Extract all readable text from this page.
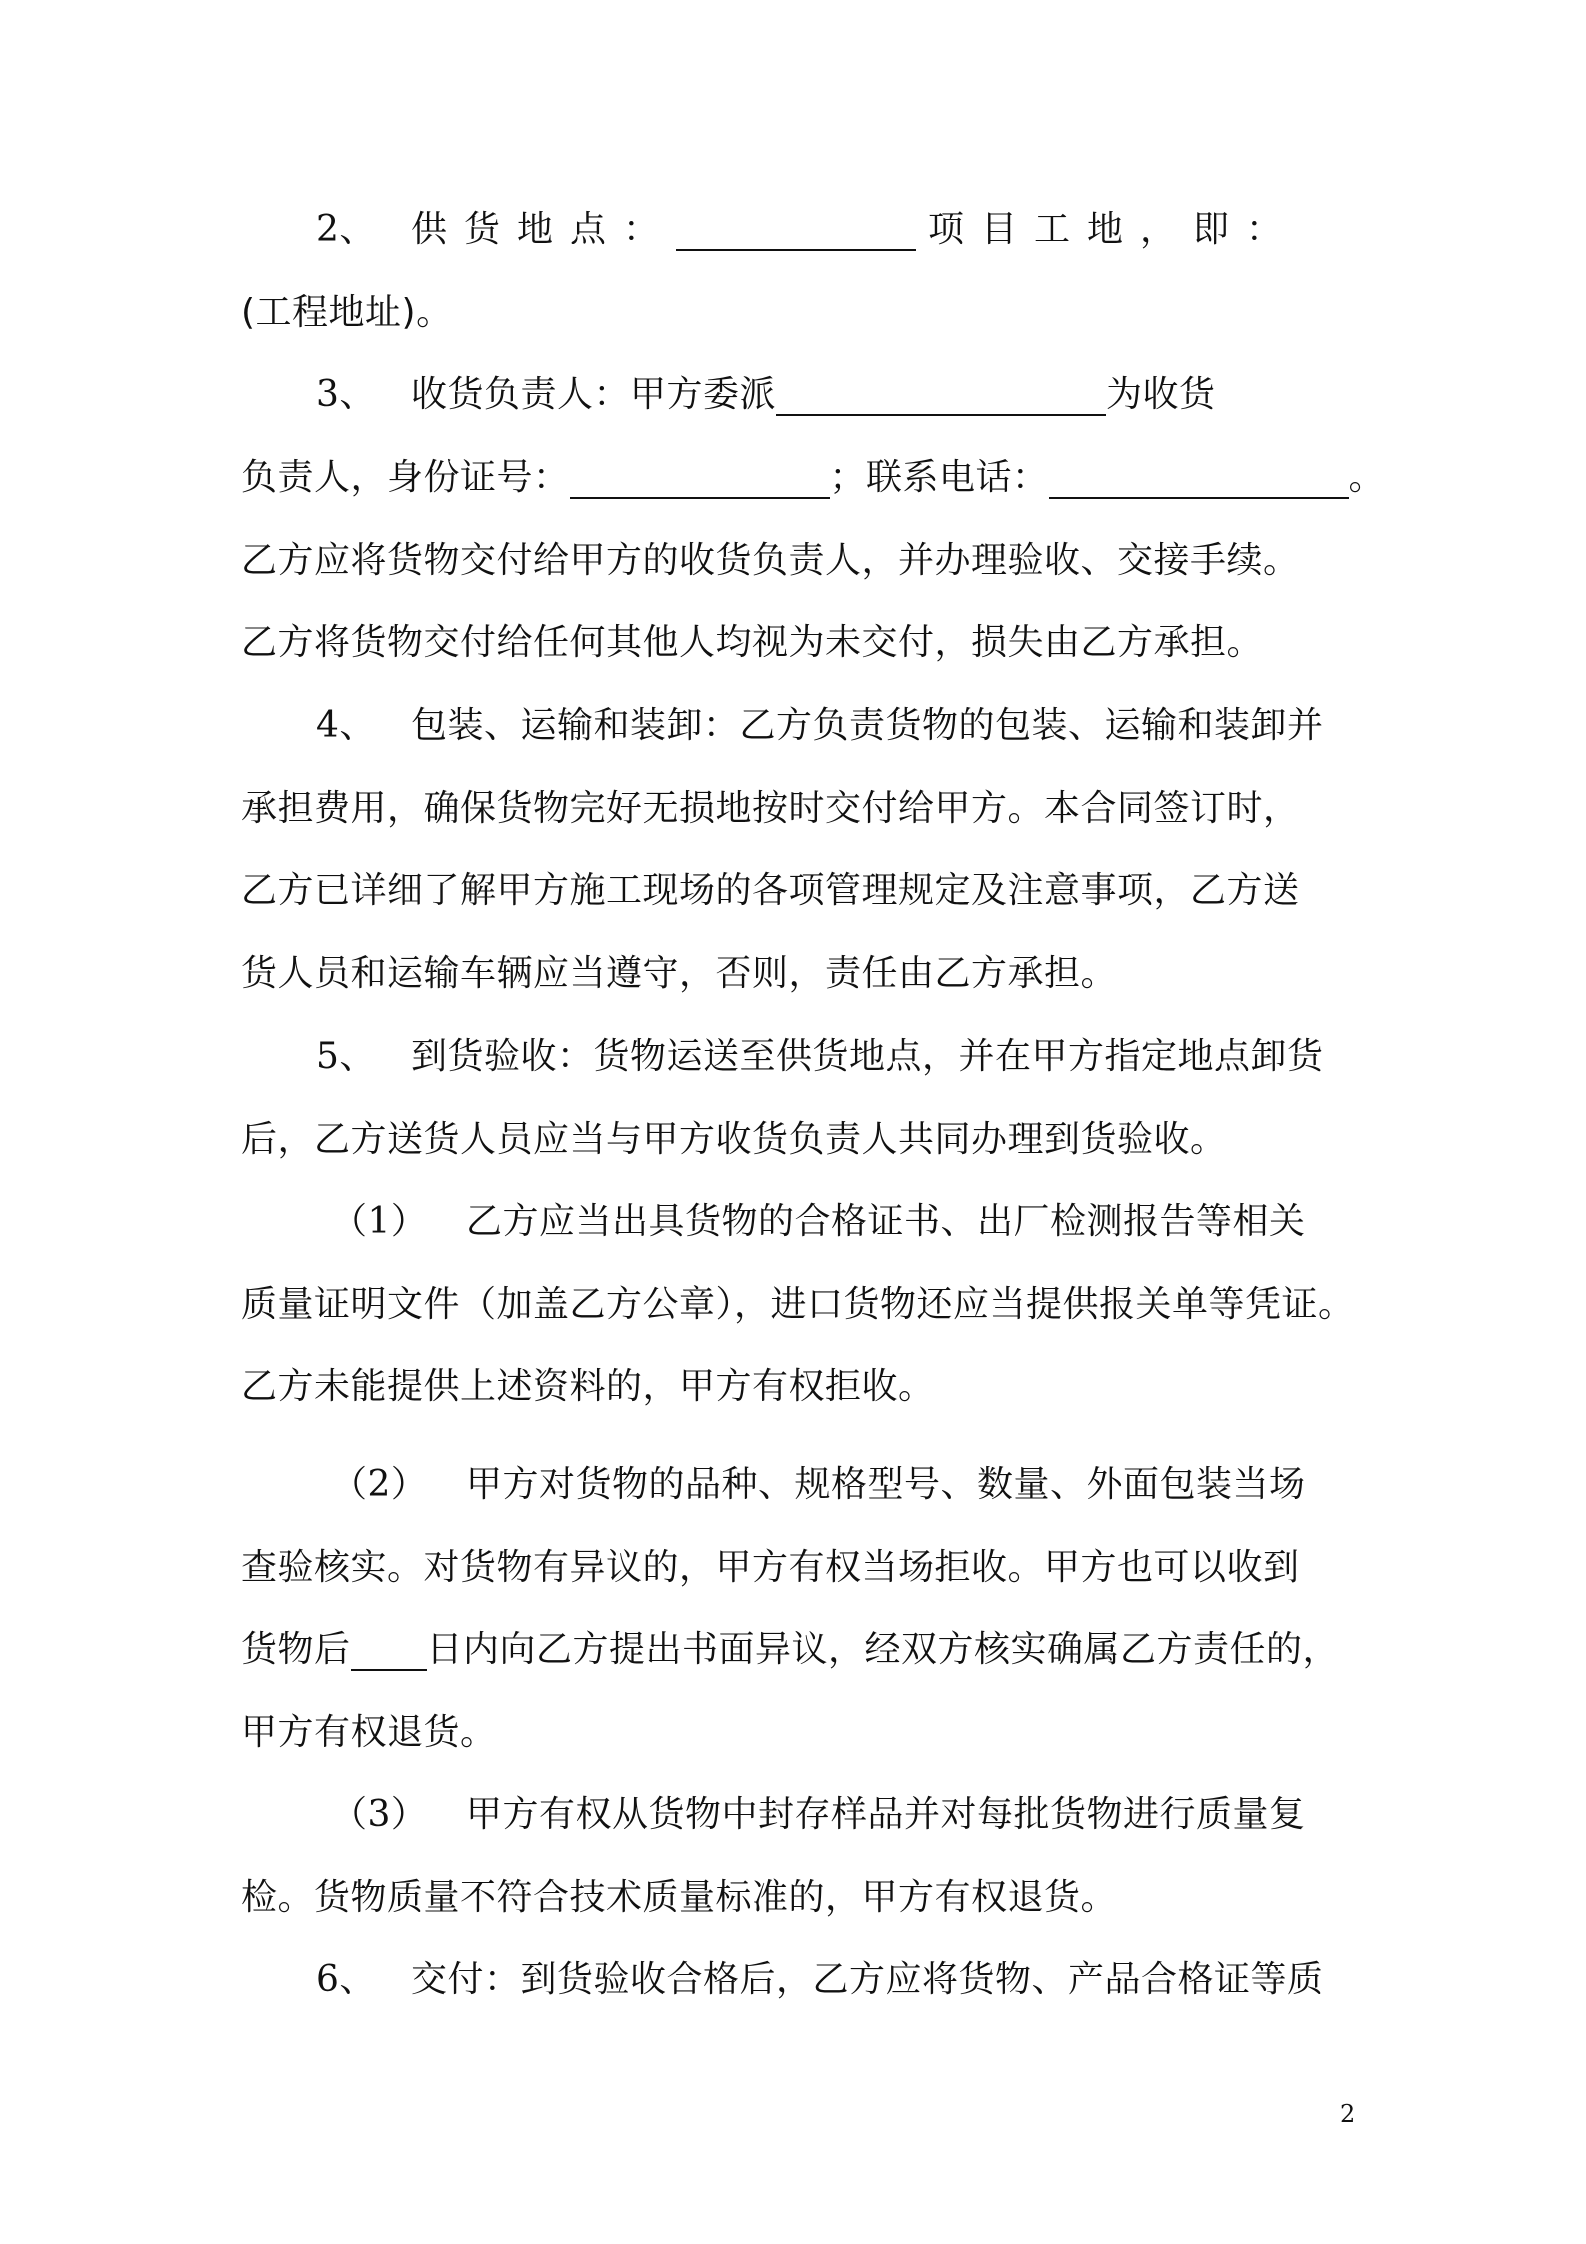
2、 供货地点：	项目工地，即：
(工程地址)。
3、 收货负责人：甲方委派	为收货
负责人，身份证号：	；联系电话：	。
乙方应将货物交付给甲方的收货负责人，并办理验收、交接手续。
乙方将货物交付给任何其他人均视为未交付，损失由乙方承担。
4、 包装、运输和装卸：乙方负责货物的包装、运输和装卸并
承担费用，确保货物完好无损地按时交付给甲方。本合同签订时，
乙方已详细了解甲方施工现场的各项管理规定及注意事项，乙方送
货人员和运输车辆应当遵守，否则，责任由乙方承担。
5、 到货验收：货物运送至供货地点，并在甲方指定地点卸货
后，乙方送货人员应当与甲方收货负责人共同办理到货验收。
（1） 乙方应当出具货物的合格证书、出厂检测报告等相关
质量证明文件（加盖乙方公章），进口货物还应当提供报关单等凭证。
乙方未能提供上述资料的，甲方有权拒收。
（2） 甲方对货物的品种、规格型号、数量、外面包装当场
查验核实。对货物有异议的，甲方有权当场拒收。甲方也可以收到
货物后 日内向乙方提出书面异议，经双方核实确属乙方责任的，
甲方有权退货。
（3） 甲方有权从货物中封存样品并对每批货物进行质量复
检。货物质量不符合技术质量标准的，甲方有权退货。
6、 交付：到货验收合格后，乙方应将货物、产品合格证等质
2
